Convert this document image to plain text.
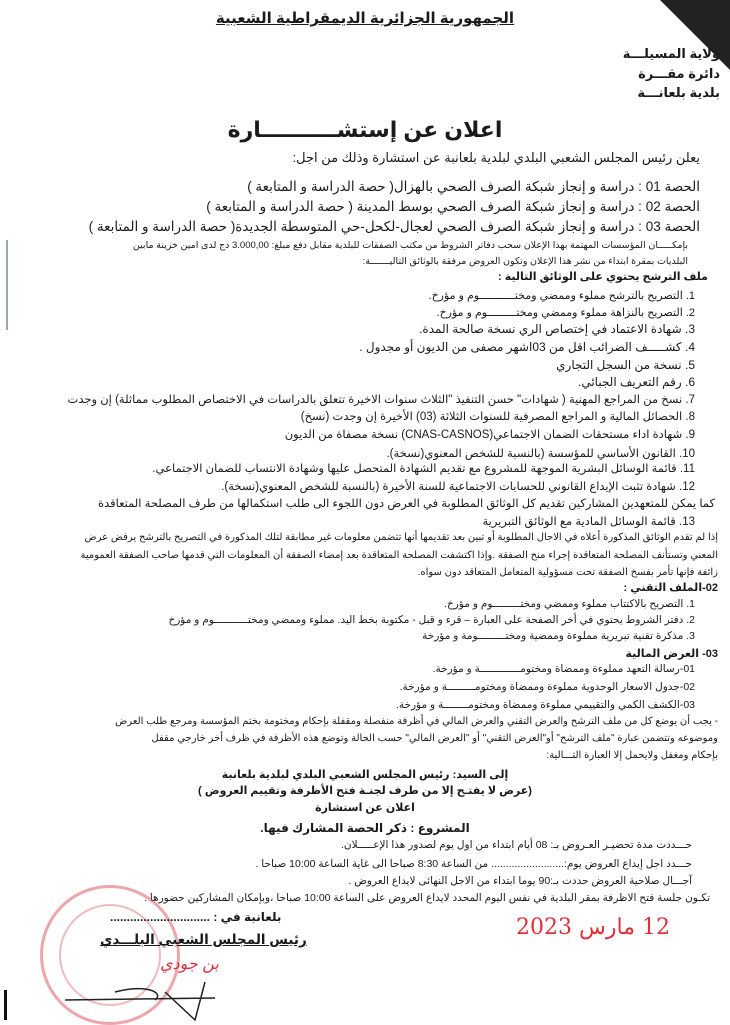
الجمهورية الجزائرية الديمقراطية الشعبية
ولاية المسيلـــة
دائرة مقـــرة
بلدية بلعانـــة
اعلان عن إستشــــــــــارة
يعلن رئيس المجلس الشعبي البلدي لبلدية بلعانبة عن استشارة وذلك من اجل:
الحصة 01 : دراسة و إنجاز شبكة الصرف الصحي بالهزال( حصة الدراسة و المتابعة )
الحصة 02 : دراسة و إنجاز شبكة الصرف الصحي بوسط المدينة ( حصة الدراسة و المتابعة )
الحصة 03 : دراسة و إنجاز شبكة الصرف الصحي لعجال-لكحل-حي المتوسطة الجديدة( حصة الدراسة و المتابعة )
بإمكـــــان المؤسسات المهتمة بهذا الإعلان سحب دفاتر الشروط من مكتب الصفقات للبلدية مقابل دفع مبلغ: 3.000,00 دج لدى امين خزينة مابين
البلديات بمقرة ابتداء من نشر هذا الإعلان وتكون العروض مرفقة بالوثائق التاليـــــــة:
ملف الترشح يحتوي على الوثائق التالية :
1. التصريح بالترشح مملوء وممضي ومختـــــــــــوم و مؤرخ.
2. التصريح بالنزاهة مملوء وممضي ومختـــــــــوم و مؤرخ.
3. شهادة الاعتماد في إختصاص الري نسخة صالحة المدة.
4. كشـــــف الضرائب اقل من 03اشهر مصفى من الديون أو مجدول .
5. نسخة من السجل التجاري
6. رقم التعريف الجبائي.
7. نسخ من المراجع المهنية ( شهادات" حسن التنفيذ "الثلاث سنوات الاخيرة تتعلق بالدراسات في الاختصاص المطلوب مماثلة) إن وجدت
8. الحصائل المالية و المراجع المصرفية للسنوات الثلاثة (03) الأخيرة إن وجدت (نسخ)
9. شهادة اداء مستحقات الضمان الاجتماعي(CNAS-CASNOS) نسخة مصفاة من الديون
10. القانون الأساسي للمؤسسة (بالنسبة للشخص المعنوي(نسخة).
11. قائمة الوسائل البشرية الموجهة للمشروع مع تقديم الشهادة المتحصل عليها وشهادة الانتساب للضمان الاجتماعي.
12. شهادة تثبت الإيداع القانوني للحسابات الاجتماعية للسنة الأخيرة (بالنسبة للشخص المعنوي(نسخة).
كما يمكن للمتعهدين المشاركين تقديم كل الوثائق المطلوبة في العرض دون اللجوء الى طلب استكمالها من طرف المصلحة المتعاقدة
13. قائمة الوسائل المادية مع الوثائق التبريرية
إذا لم تقدم الوثائق المذكورة أعلاه في الاجال المطلوبة أو تبين بعد تقديمها أنها تتضمن معلومات غير مطابقة لتلك المذكورة في التصريح بالترشح يرفض عرض
المعني وتستأنف المصلحة المتعاقدة إجراء منح الصفقة .وإذا اكتشفت المصلحة المتعاقدة بعد إمضاء الصفقة أن المعلومات التي قدمها صاحب الصفقة العمومية
زائفة فإنها تأمر بفسخ الصفقة تحت مسؤولية المتعامل المتعاقد دون سواه.
02-الملف التقني :
1. التصريح بالاكتتاب مملوء وممضي ومختـــــــــوم و مؤرخ.
2. دفتر الشروط يحتوي في أخر الصفحة على العبارة – قرء و قبل - مكتوبة بخط اليد. مملوء وممضي ومختـــــــــــوم و مؤرخ
3. مذكرة تقنية تبريرية مملوءة وممضية ومختـــــــــومة و مؤرخة
03- العرض المالية
01-رسالة التعهد مملوءة وممضاة ومختومـــــــــــــة و مؤرخة.
02-جدول الاسعار الوحدوية مملوءة وممضاة ومختومـــــــــة و مؤرخة.
03-الكشف الكمي والتقييمي مملوءة وممضاة ومختومــــــــة و مؤرخة.
- يجب أن يوضع كل من ملف الترشح والعرض التقني والعرض المالي في أظرفة منفصلة ومقفلة بإحكام ومختومة بختم المؤسسة ومرجع طلب العرض
وموضوعه وتتضمن عبارة "ملف الترشح" أو"العرض التقني" أو "العرض المالي" حسب الحالة وتوضع هذه الأظرفة في ظرف أخر خارجي مقفل
بإحكام ومغفل ولايحمل إلا العبارة التـــالية:
إلى السيد: رئيس المجلس الشعبي البلدي لبلدية بلعانبة
(عرض لا يفتـح إلا من طرف لجنـة فتح الأظرفة وتقييم العروض )
اعلان عن استشارة
المشروع : ذكر الحصة المشارك فيها.
حـــددت مدة تحضيـر العـروض بـ: 08 أيام ابتداء من اول يوم لصدور هذا الإعـــــلان.
حـــدد اجل إيداع العروض يوم:......................... من الساعة 8:30 صباحا الى غاية الساعة 10:00 صباحا .
آجـــال صلاحية العروض حددت بـ:90 يوما ابتداء من الاجل النهائى لايداع العروض .
تكـون جلسة فتح الاظرفة بمقر البلدية في نفس اليوم المحدد لايداع العروض على الساعة 10:00 صباحا ،وبإمكان المشاركين حضورها .
12 مارس 2023
بلعانبة في : ..............................
رئيس المجلس الشعبي البلـــدي
بن جودي
